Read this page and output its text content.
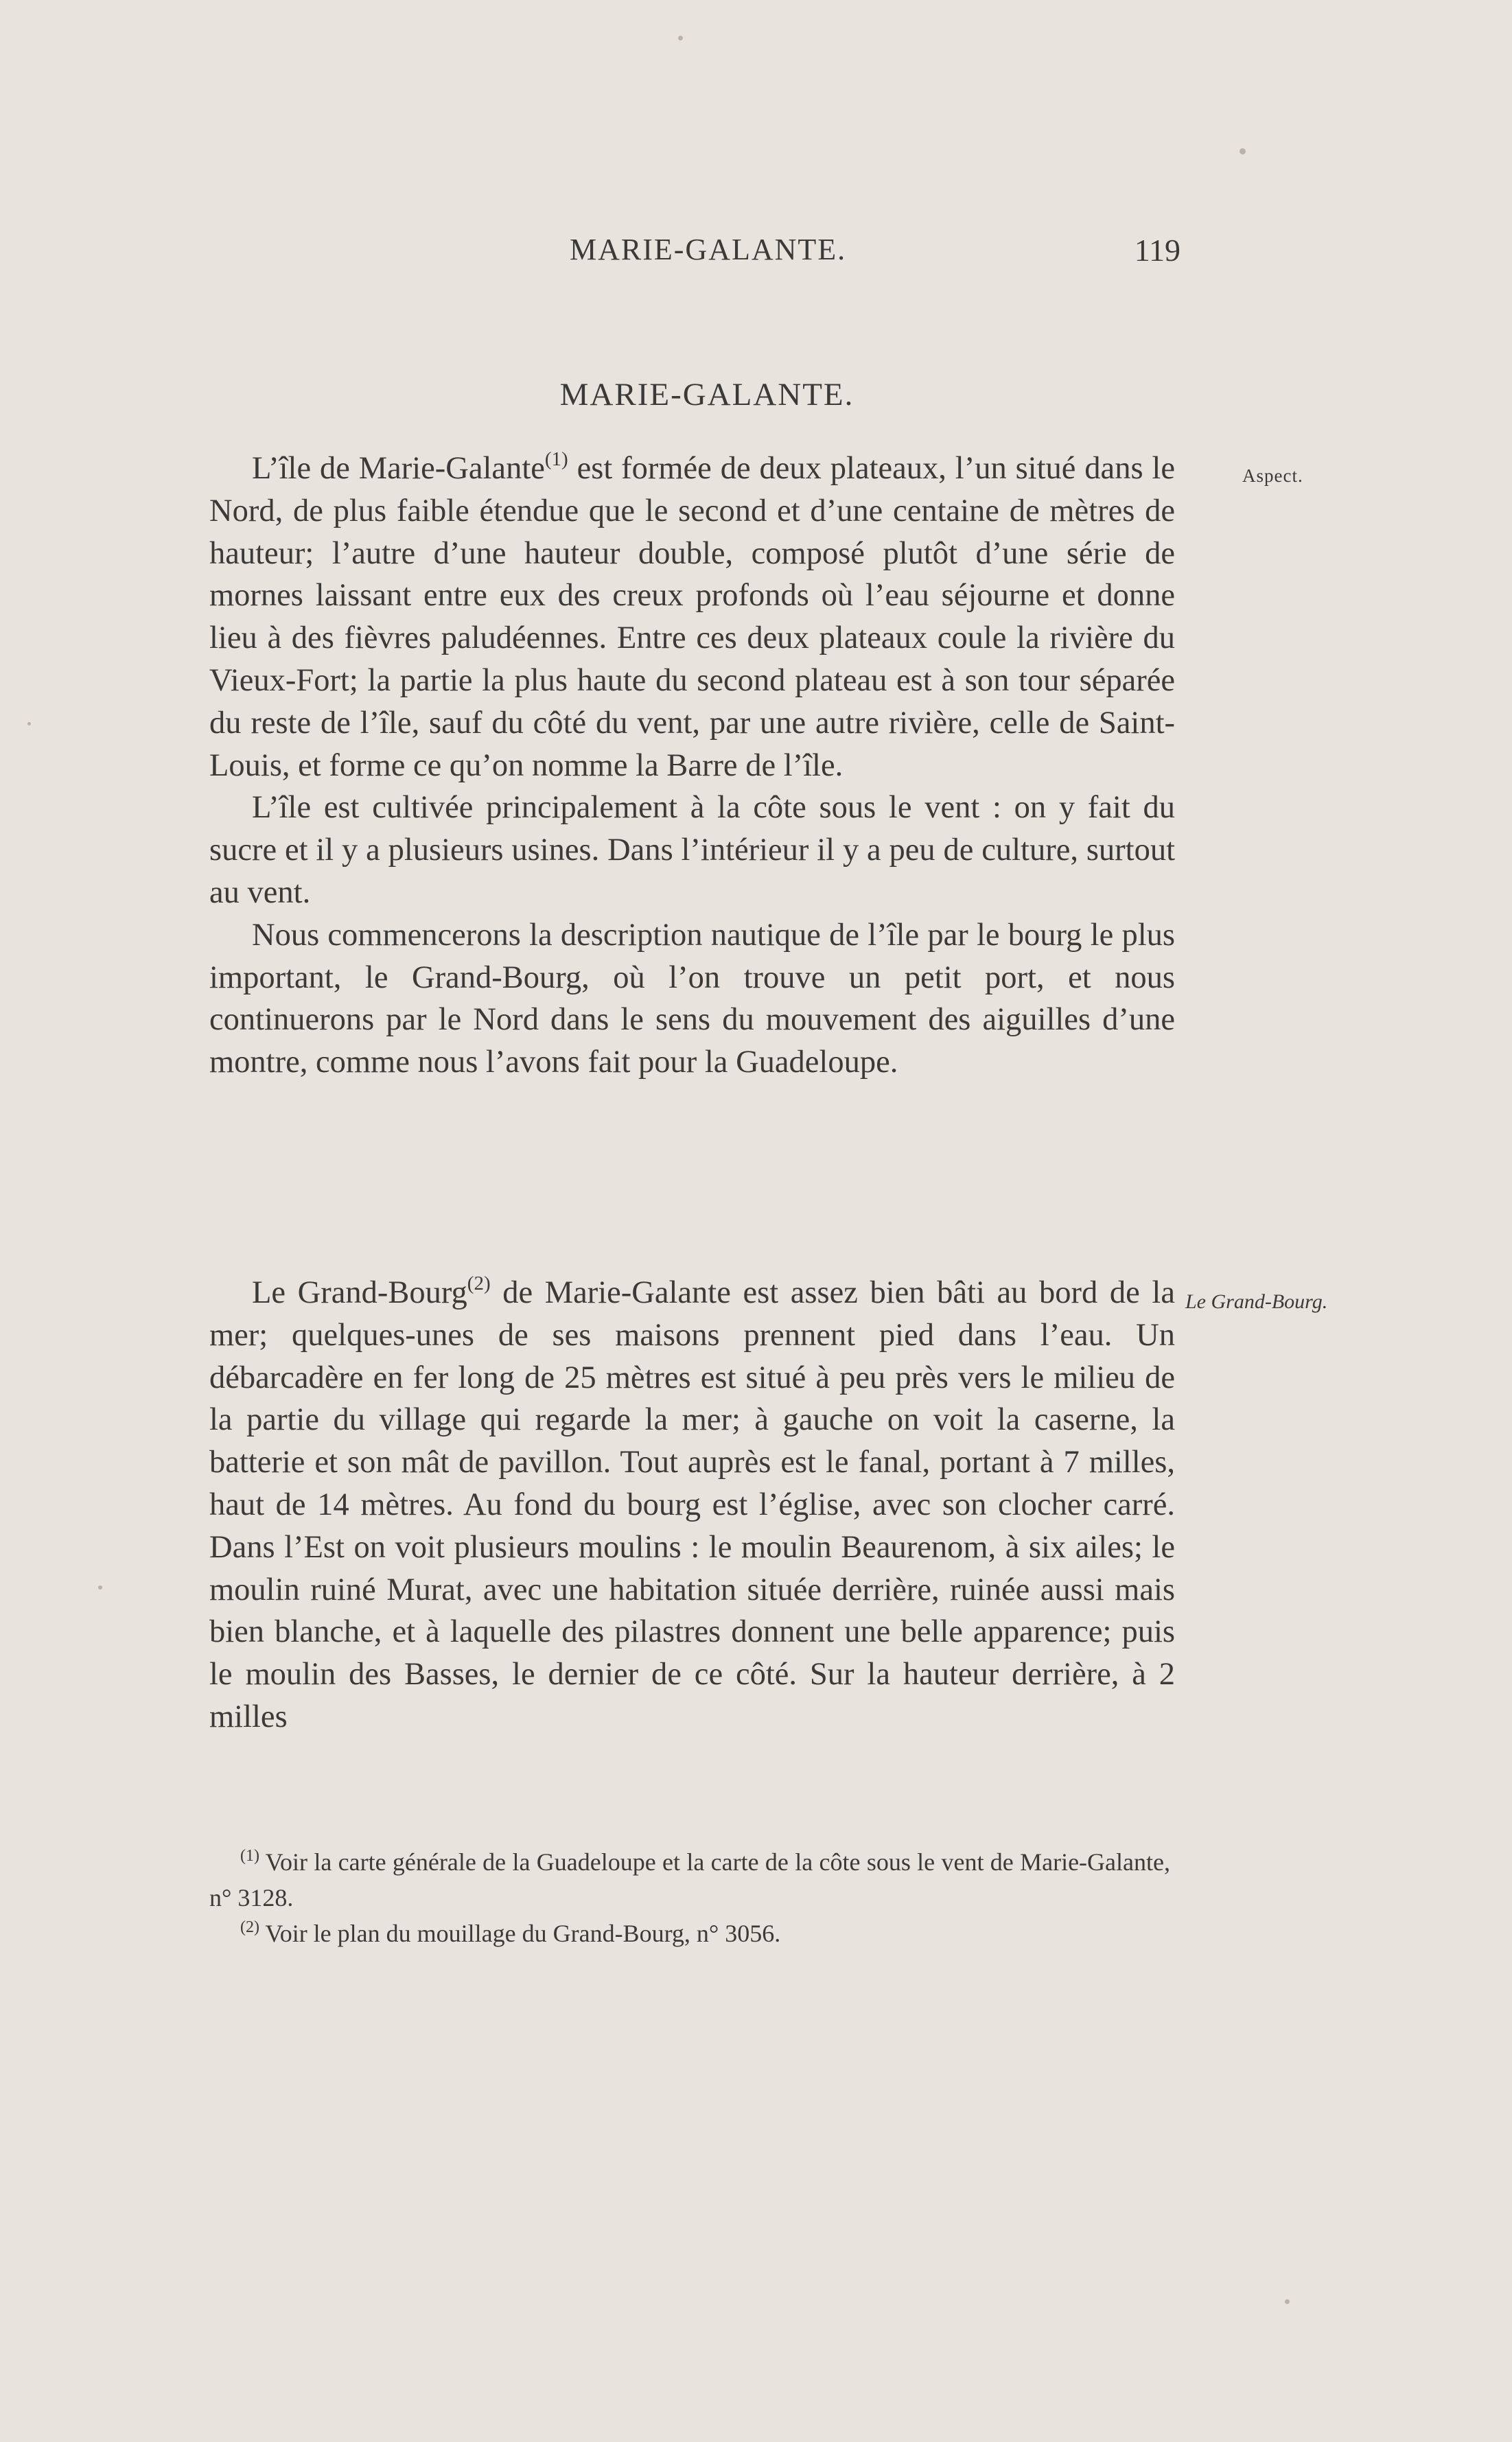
MARIE-GALANTE.	119
MARIE-GALANTE.
Aspect.

L’île de Marie-Galante$^{(1)}$ est formée de deux plateaux, l’un situé dans le Nord, de plus faible étendue que le second et d’une centaine de mètres de hauteur; l’autre d’une hauteur double, composé plutôt d’une série de mornes laissant entre eux des creux profonds où l’eau séjourne et donne lieu à des fièvres paludéennes. Entre ces deux plateaux coule la rivière du Vieux-Fort; la partie la plus haute du second plateau est à son tour séparée du reste de l’île, sauf du côté du vent, par une autre rivière, celle de Saint-Louis, et forme ce qu’on nomme la Barre de l’île.

L’île est cultivée principalement à la côte sous le vent : on y fait du sucre et il y a plusieurs usines. Dans l’intérieur il y a peu de culture, surtout au vent.

Nous commencerons la description nautique de l’île par le bourg le plus important, le Grand-Bourg, où l’on trouve un petit port, et nous continuerons par le Nord dans le sens du mouvement des aiguilles d’une montre, comme nous l’avons fait pour la Guadeloupe.

Le Grand-Bourg.

Le Grand-Bourg$^{(2)}$ de Marie-Galante est assez bien bâti au bord de la mer; quelques-unes de ses maisons prennent pied dans l’eau. Un débarcadère en fer long de 25 mètres est situé à peu près vers le milieu de la partie du village qui regarde la mer; à gauche on voit la caserne, la batterie et son mât de pavillon. Tout auprès est le fanal, portant à 7 milles, haut de 14 mètres. Au fond du bourg est l’église, avec son clocher carré. Dans l’Est on voit plusieurs moulins : le moulin Beaurenom, à six ailes; le moulin ruiné Murat, avec une habitation située derrière, ruinée aussi mais bien blanche, et à laquelle des pilastres donnent une belle apparence; puis le moulin des Basses, le dernier de ce côté. Sur la hauteur derrière, à 2 milles

$^{(1)}$ Voir la carte générale de la Guadeloupe et la carte de la côte sous le vent de Marie-Galante, n° 3128.

$^{(2)}$ Voir le plan du mouillage du Grand-Bourg, n° 3056.
